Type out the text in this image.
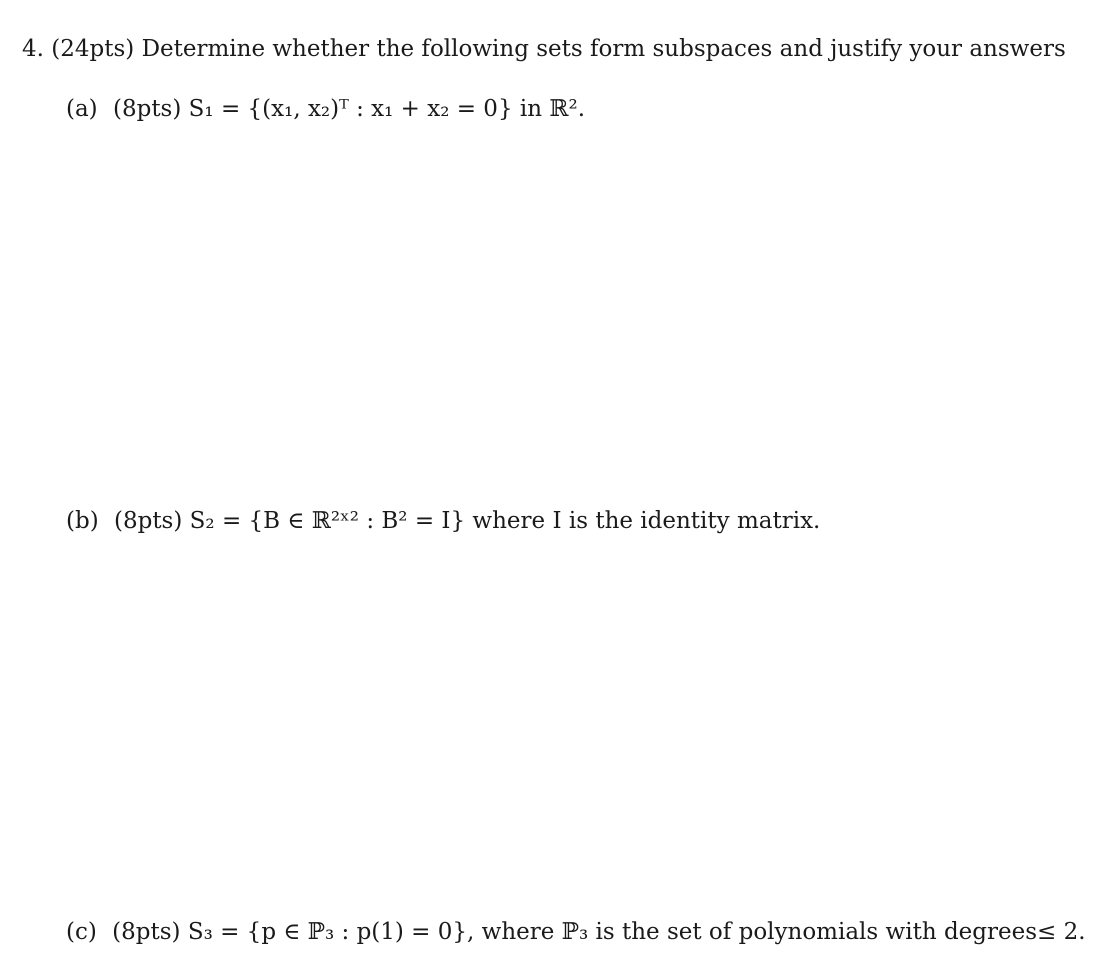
4. (24pts) Determine whether the following sets form subspaces and justify your answers
(a) (8pts) S₁ = {(x₁, x₂)ᵀ : x₁ + x₂ = 0} in ℝ².
(b) (8pts) S₂ = {B ∈ ℝ²ˣ² : B² = I} where I is the identity matrix.
(c) (8pts) S₃ = {p ∈ ℙ₃ : p(1) = 0}, where ℙ₃ is the set of polynomials with degrees≤ 2.
